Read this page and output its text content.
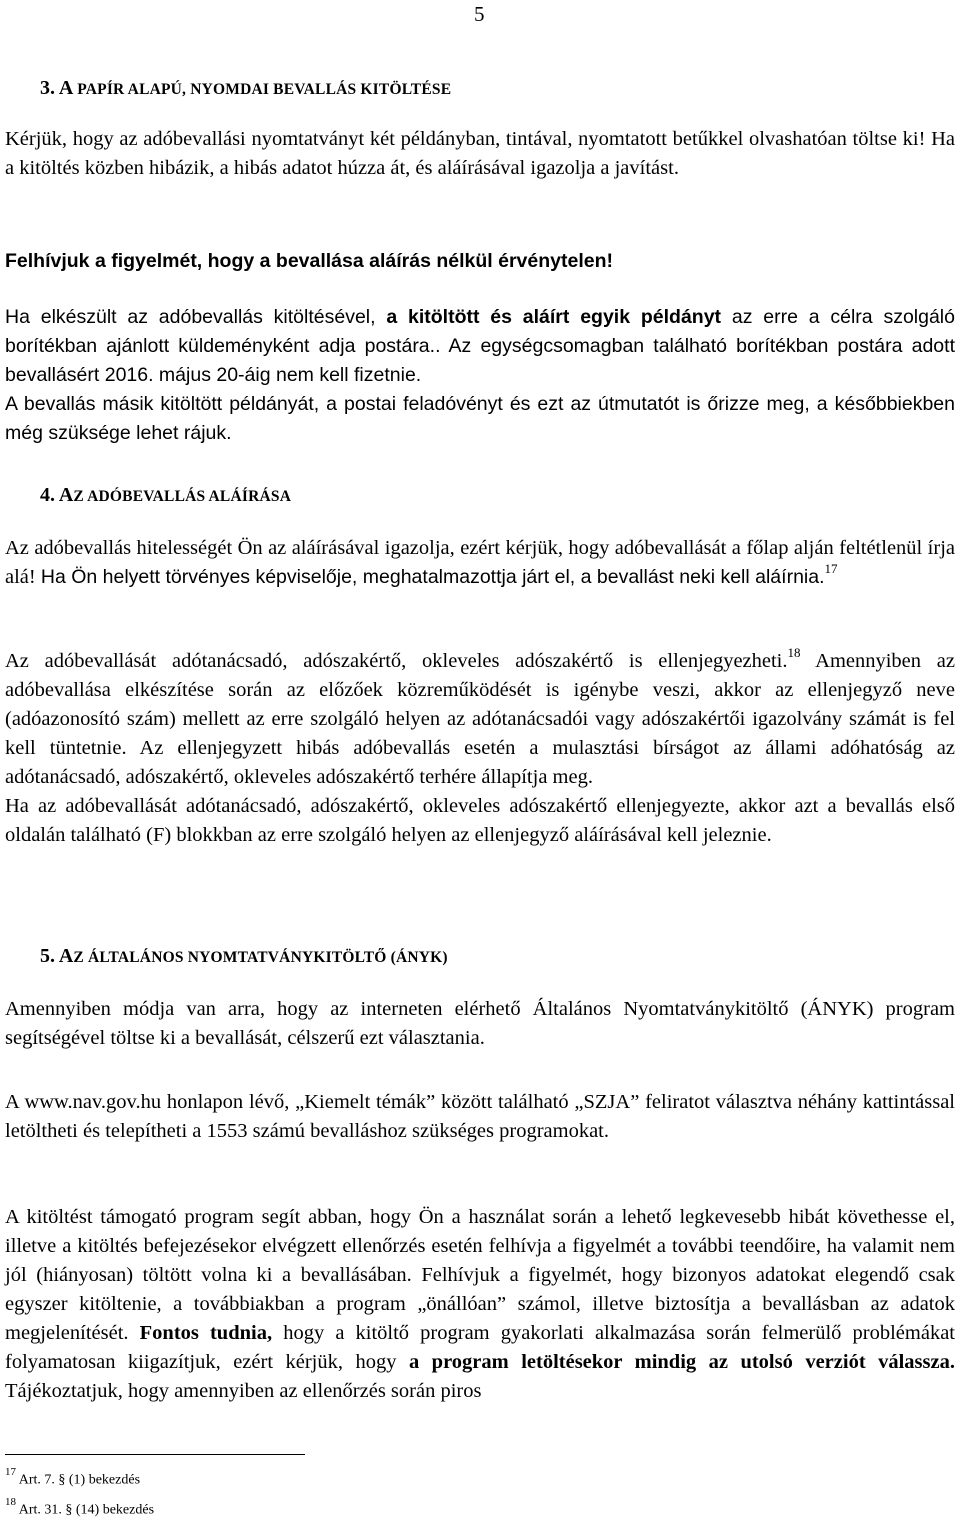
5
3. A PAPÍR ALAPÚ, NYOMDAI BEVALLÁS KITÖLTÉSE

Kérjük, hogy az adóbevallási nyomtatványt két példányban, tintával, nyomtatott betűkkel olvashatóan töltse ki! Ha a kitöltés közben hibázik, a hibás adatot húzza át, és aláírásával igazolja a javítást.

Felhívjuk a figyelmét, hogy a bevallása aláírás nélkül érvénytelen!

Ha elkészült az adóbevallás kitöltésével, a kitöltött és aláírt egyik példányt az erre a célra szolgáló borítékban ajánlott küldeményként adja postára.. Az egységcsomagban található borítékban postára adott bevallásért 2016. május 20-áig nem kell fizetnie.

A bevallás másik kitöltött példányát, a postai feladóvényt és ezt az útmutatót is őrizze meg, a későbbiekben még szüksége lehet rájuk.

4. AZ ADÓBEVALLÁS ALÁÍRÁSA

Az adóbevallás hitelességét Ön az aláírásával igazolja, ezért kérjük, hogy adóbevallását a főlap alján feltétlenül írja alá! Ha Ön helyett törvényes képviselője, meghatalmazottja járt el, a bevallást neki kell aláírnia.$^{17}$

Az adóbevallását adótanácsadó, adószakértő, okleveles adószakértő is ellenjegyezheti.$^{18}$ Amennyiben az adóbevallása elkészítése során az előzőek közreműködését is igénybe veszi, akkor az ellenjegyző neve (adóazonosító szám) mellett az erre szolgáló helyen az adótanácsadói vagy adószakértői igazolvány számát is fel kell tüntetnie. Az ellenjegyzett hibás adóbevallás esetén a mulasztási bírságot az állami adóhatóság az adótanácsadó, adószakértő, okleveles adószakértő terhére állapítja meg.

Ha az adóbevallását adótanácsadó, adószakértő, okleveles adószakértő ellenjegyezte, akkor azt a bevallás első oldalán található (F) blokkban az erre szolgáló helyen az ellenjegyző aláírásával kell jeleznie.

5. AZ ÁLTALÁNOS NYOMTATVÁNYKITÖLTŐ (ÁNYK)

Amennyiben módja van arra, hogy az interneten elérhető Általános Nyomtatványkitöltő (ÁNYK) program segítségével töltse ki a bevallását, célszerű ezt választania.

A www.nav.gov.hu honlapon lévő, „Kiemelt témák” között található „SZJA” feliratot választva néhány kattintással letöltheti és telepítheti a 1553 számú bevalláshoz szükséges programokat.

A kitöltést támogató program segít abban, hogy Ön a használat során a lehető legkevesebb hibát követhesse el, illetve a kitöltés befejezésekor elvégzett ellenőrzés esetén felhívja a figyelmét a további teendőire, ha valamit nem jól (hiányosan) töltött volna ki a bevallásában. Felhívjuk a figyelmét, hogy bizonyos adatokat elegendő csak egyszer kitöltenie, a továbbiakban a program „önállóan” számol, illetve biztosítja a bevallásban az adatok megjelenítését. Fontos tudnia, hogy a kitöltő program gyakorlati alkalmazása során felmerülő problémákat folyamatosan kiigazítjuk, ezért kérjük, hogy a program letöltésekor mindig az utolsó verziót válassza. Tájékoztatjuk, hogy amennyiben az ellenőrzés során piros

$^{17}$ Art. 7. § (1) bekezdés
$^{18}$ Art. 31. § (14) bekezdés
